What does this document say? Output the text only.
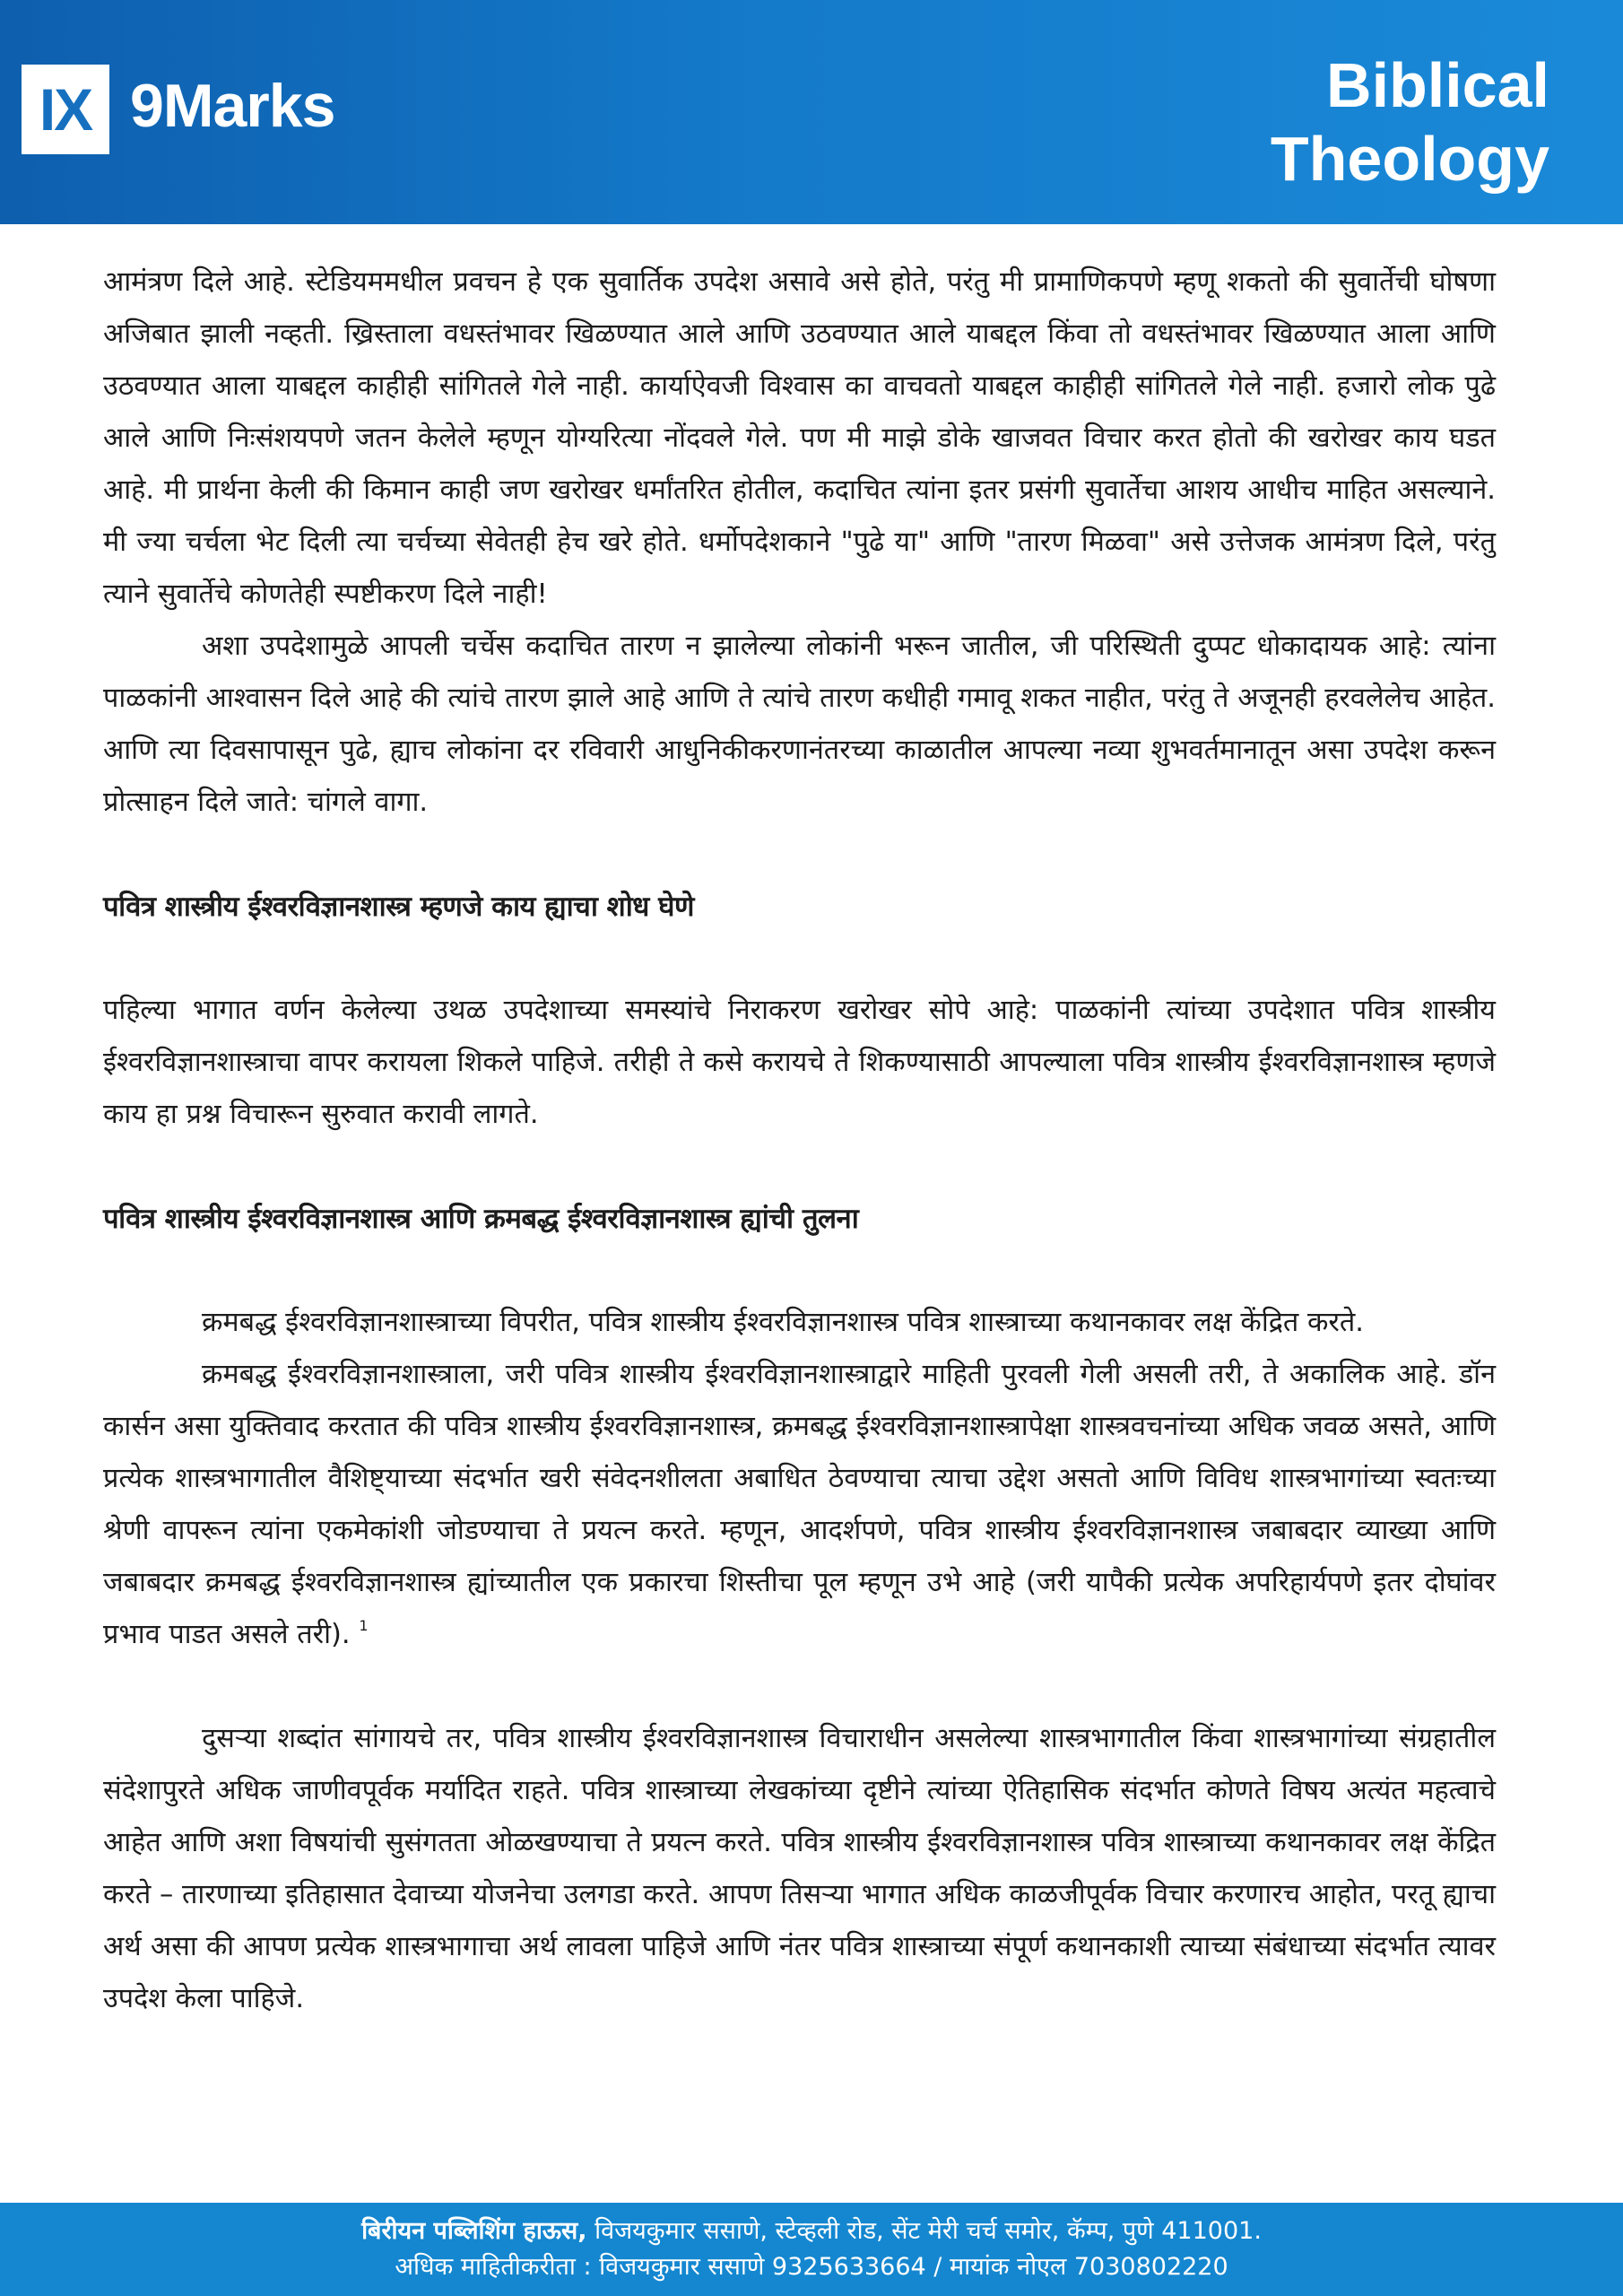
IX 9Marks	Biblical
Theology

आमंत्रण दिले आहे. स्टेडियममधील प्रवचन हे एक सुवार्तिक उपदेश असावे असे होते, परंतु मी प्रामाणिकपणे म्हणू शकतो की सुवार्तेची घोषणा अजिबात झाली नव्हती. ख्रिस्ताला वधस्तंभावर खिळण्यात आले आणि उठवण्यात आले याबद्दल किंवा तो वधस्तंभावर खिळण्यात आला आणि उठवण्यात आला याबद्दल काहीही सांगितले गेले नाही. कार्याऐवजी विश्वास का वाचवतो याबद्दल काहीही सांगितले गेले नाही. हजारो लोक पुढे आले आणि निःसंशयपणे जतन केलेले म्हणून योग्यरित्या नोंदवले गेले. पण मी माझे डोके खाजवत विचार करत होतो की खरोखर काय घडत आहे. मी प्रार्थना केली की किमान काही जण खरोखर धर्मांतरित होतील, कदाचित त्यांना इतर प्रसंगी सुवार्तेचा आशय आधीच माहित असल्याने. मी ज्या चर्चला भेट दिली त्या चर्चच्या सेवेतही हेच खरे होते. धर्मोपदेशकाने "पुढे या" आणि "तारण मिळवा" असे उत्तेजक आमंत्रण दिले, परंतु त्याने सुवार्तेचे कोणतेही स्पष्टीकरण दिले नाही!

अशा उपदेशामुळे आपली चर्चेस कदाचित तारण न झालेल्या लोकांनी भरून जातील, जी परिस्थिती दुप्पट धोकादायक आहे: त्यांना पाळकांनी आश्वासन दिले आहे की त्यांचे तारण झाले आहे आणि ते त्यांचे तारण कधीही गमावू शकत नाहीत, परंतु ते अजूनही हरवलेलेच आहेत. आणि त्या दिवसापासून पुढे, ह्याच लोकांना दर रविवारी आधुनिकीकरणानंतरच्या काळातील आपल्या नव्या शुभवर्तमानातून असा उपदेश करून प्रोत्साहन दिले जाते: चांगले वागा.

पवित्र शास्त्रीय ईश्वरविज्ञानशास्त्र म्हणजे काय ह्याचा शोध घेणे

पहिल्या भागात वर्णन केलेल्या उथळ उपदेशाच्या समस्यांचे निराकरण खरोखर सोपे आहे: पाळकांनी त्यांच्या उपदेशात पवित्र शास्त्रीय ईश्वरविज्ञानशास्त्राचा वापर करायला शिकले पाहिजे. तरीही ते कसे करायचे ते शिकण्यासाठी आपल्याला पवित्र शास्त्रीय ईश्वरविज्ञानशास्त्र म्हणजे काय हा प्रश्न विचारून सुरुवात करावी लागते.

पवित्र शास्त्रीय ईश्वरविज्ञानशास्त्र आणि क्रमबद्ध ईश्वरविज्ञानशास्त्र ह्यांची तुलना

क्रमबद्ध ईश्वरविज्ञानशास्त्राच्या विपरीत, पवित्र शास्त्रीय ईश्वरविज्ञानशास्त्र पवित्र शास्त्राच्या कथानकावर लक्ष केंद्रित करते.

क्रमबद्ध ईश्वरविज्ञानशास्त्राला, जरी पवित्र शास्त्रीय ईश्वरविज्ञानशास्त्राद्वारे माहिती पुरवली गेली असली तरी, ते अकालिक आहे. डॉन कार्सन असा युक्तिवाद करतात की पवित्र शास्त्रीय ईश्वरविज्ञानशास्त्र, क्रमबद्ध ईश्वरविज्ञानशास्त्रापेक्षा शास्त्रवचनांच्या अधिक जवळ असते, आणि प्रत्येक शास्त्रभागातील वैशिष्ट्याच्या संदर्भात खरी संवेदनशीलता अबाधित ठेवण्याचा त्याचा उद्देश असतो आणि विविध शास्त्रभागांच्या स्वतःच्या श्रेणी वापरून त्यांना एकमेकांशी जोडण्याचा ते प्रयत्न करते. म्हणून, आदर्शपणे, पवित्र शास्त्रीय ईश्वरविज्ञानशास्त्र जबाबदार व्याख्या आणि जबाबदार क्रमबद्ध ईश्वरविज्ञानशास्त्र ह्यांच्यातील एक प्रकारचा शिस्तीचा पूल म्हणून उभे आहे (जरी यापैकी प्रत्येक अपरिहार्यपणे इतर दोघांवर प्रभाव पाडत असले तरी). $^1$

दुसऱ्या शब्दांत सांगायचे तर, पवित्र शास्त्रीय ईश्वरविज्ञानशास्त्र विचाराधीन असलेल्या शास्त्रभागातील किंवा शास्त्रभागांच्या संग्रहातील संदेशापुरते अधिक जाणीवपूर्वक मर्यादित राहते. पवित्र शास्त्राच्या लेखकांच्या दृष्टीने त्यांच्या ऐतिहासिक संदर्भात कोणते विषय अत्यंत महत्वाचे आहेत आणि अशा विषयांची सुसंगतता ओळखण्याचा ते प्रयत्न करते. पवित्र शास्त्रीय ईश्वरविज्ञानशास्त्र पवित्र शास्त्राच्या कथानकावर लक्ष केंद्रित करते – तारणाच्या इतिहासात देवाच्या योजनेचा उलगडा करते. आपण तिसऱ्या भागात अधिक काळजीपूर्वक विचार करणारच आहोत, परतू ह्याचा अर्थ असा की आपण प्रत्येक शास्त्रभागाचा अर्थ लावला पाहिजे आणि नंतर पवित्र शास्त्राच्या संपूर्ण कथानकाशी त्याच्या संबंधाच्या संदर्भात त्यावर उपदेश केला पाहिजे.

बिरीयन पब्लिशिंग हाऊस, विजयकुमार ससाणे, स्टेव्हली रोड, सेंट मेरी चर्च समोर, कॅम्प, पुणे 411001.
अधिक माहितीकरीता : विजयकुमार ससाणे 9325633664 / मायांक नोएल 7030802220
